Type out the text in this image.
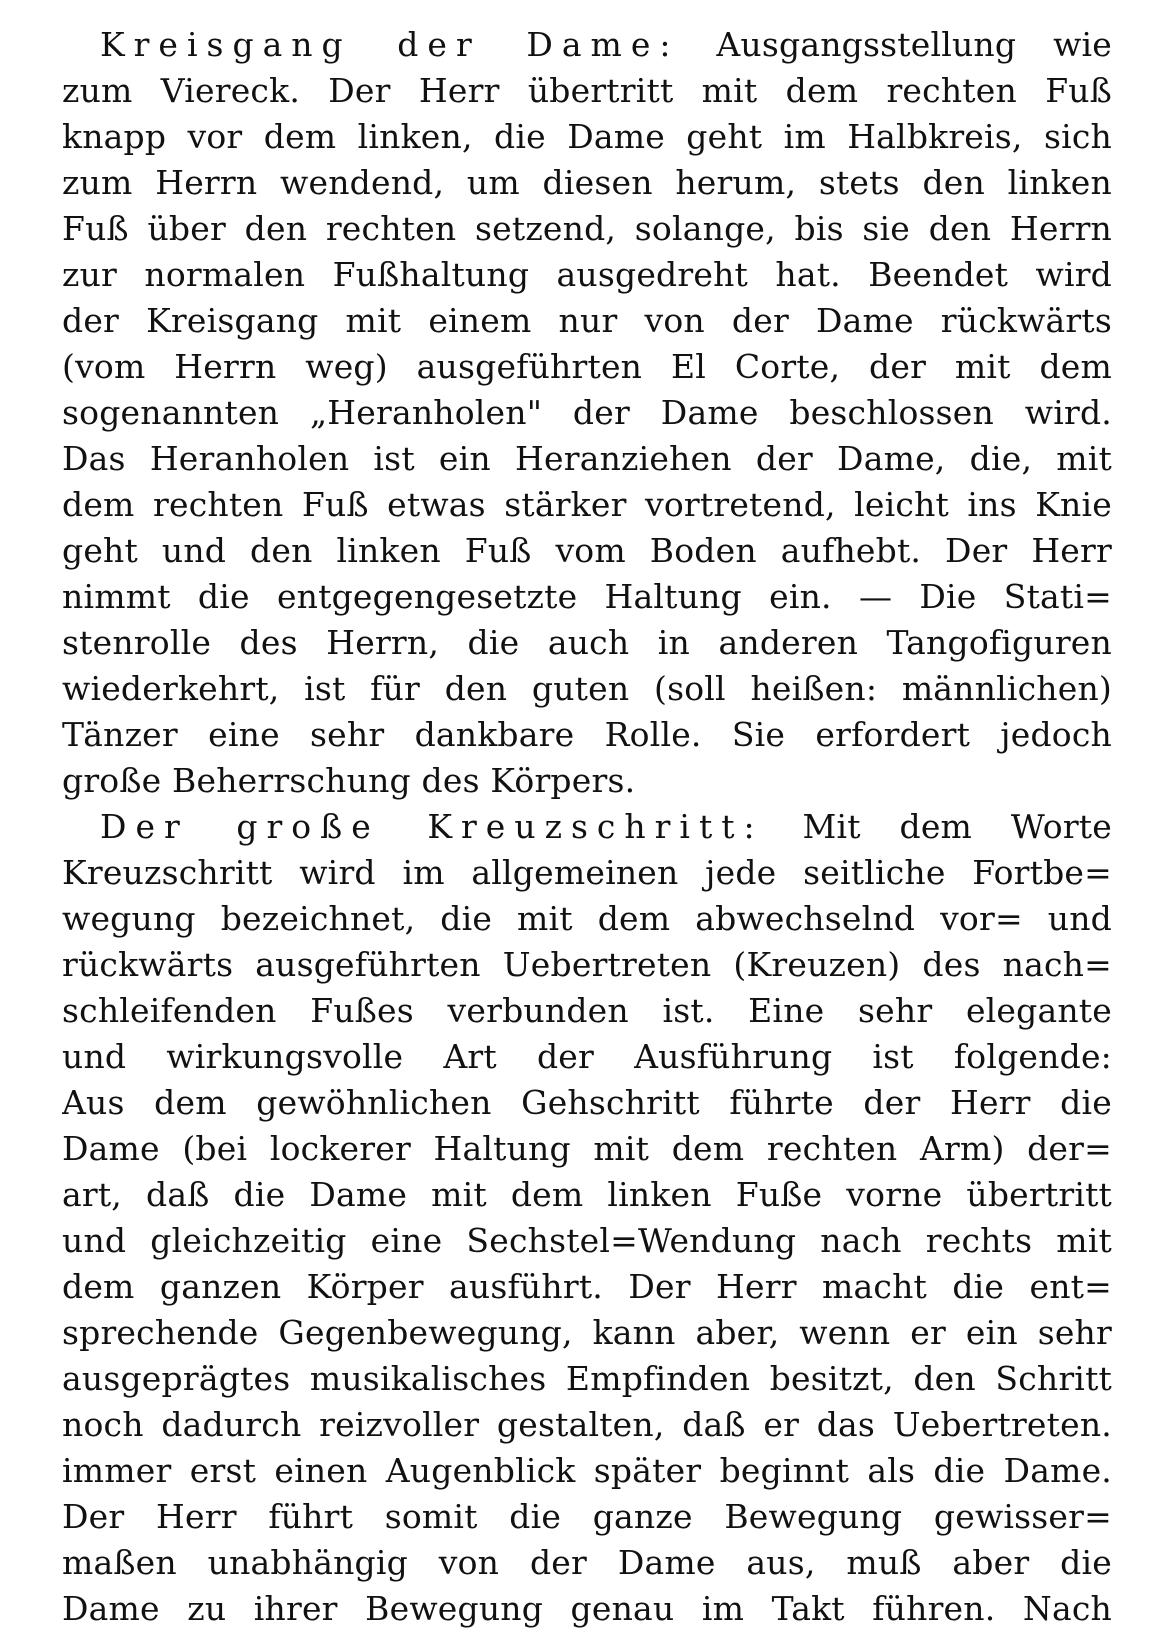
Kreisgang der Dame: Ausgangsstellung wie
zum Viereck. Der Herr übertritt mit dem rechten Fuß
knapp vor dem linken, die Dame geht im Halbkreis, sich
zum Herrn wendend, um diesen herum, stets den linken
Fuß über den rechten setzend, solange, bis sie den Herrn
zur normalen Fußhaltung ausgedreht hat. Beendet wird
der Kreisgang mit einem nur von der Dame rückwärts
(vom Herrn weg) ausgeführten El Corte, der mit dem
sogenannten „Heranholen" der Dame beschlossen wird.
Das Heranholen ist ein Heranziehen der Dame, die, mit
dem rechten Fuß etwas stärker vortretend, leicht ins Knie
geht und den linken Fuß vom Boden aufhebt. Der Herr
nimmt die entgegengesetzte Haltung ein. — Die Stati=
stenrolle des Herrn, die auch in anderen Tangofiguren
wiederkehrt, ist für den guten (soll heißen: männlichen)
Tänzer eine sehr dankbare Rolle. Sie erfordert jedoch
große Beherrschung des Körpers.
Der große Kreuzschritt: Mit dem Worte
Kreuzschritt wird im allgemeinen jede seitliche Fortbe=
wegung bezeichnet, die mit dem abwechselnd vor= und
rückwärts ausgeführten Uebertreten (Kreuzen) des nach=
schleifenden Fußes verbunden ist. Eine sehr elegante
und wirkungsvolle Art der Ausführung ist folgende:
Aus dem gewöhnlichen Gehschritt führte der Herr die
Dame (bei lockerer Haltung mit dem rechten Arm) der=
art, daß die Dame mit dem linken Fuße vorne übertritt
und gleichzeitig eine Sechstel=Wendung nach rechts mit
dem ganzen Körper ausführt. Der Herr macht die ent=
sprechende Gegenbewegung, kann aber, wenn er ein sehr
ausgeprägtes musikalisches Empfinden besitzt, den Schritt
noch dadurch reizvoller gestalten, daß er das Uebertreten.
immer erst einen Augenblick später beginnt als die Dame.
Der Herr führt somit die ganze Bewegung gewisser=
maßen unabhängig von der Dame aus, muß aber die
Dame zu ihrer Bewegung genau im Takt führen. Nach
